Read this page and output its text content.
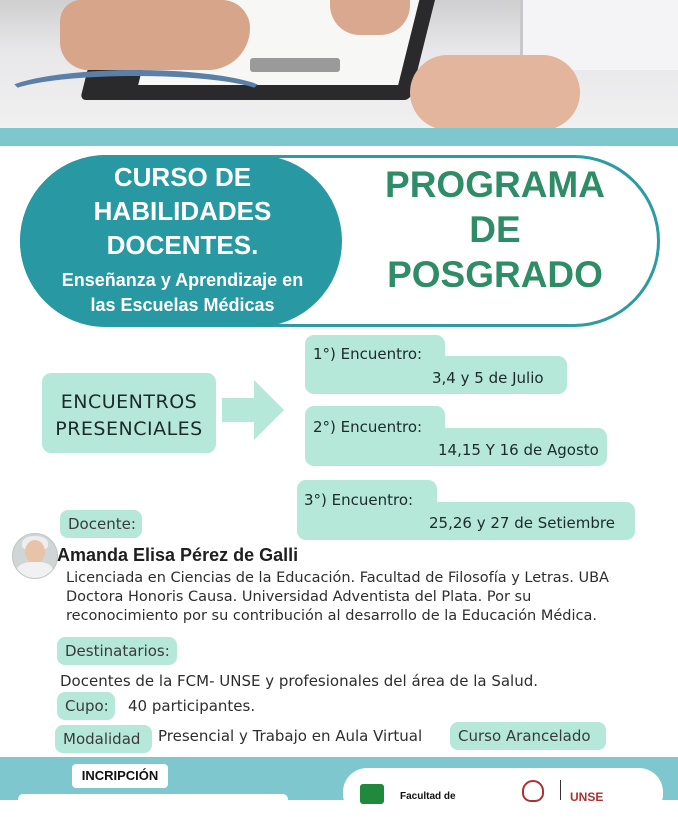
CURSO DE
HABILIDADES
DOCENTES.
Enseñanza y Aprendizaje en
las Escuelas Médicas
PROGRAMA
DE
POSGRADO
ENCUENTROS
PRESENCIALES
1°) Encuentro:
3,4 y 5 de Julio
2°) Encuentro:
14,15 Y 16 de Agosto
3°) Encuentro:
25,26 y 27 de Setiembre
Docente:
Amanda Elisa Pérez de Galli
Licenciada en Ciencias de la Educación. Facultad de Filosofía y Letras. UBA
Doctora Honoris Causa. Universidad Adventista del Plata. Por su
reconocimiento por su contribución al desarrollo de la Educación Médica.
Destinatarios:
Docentes de la FCM- UNSE y profesionales del área de la Salud.
Cupo:	40 participantes.
Modalidad	Presencial y Trabajo en Aula Virtual	Curso Arancelado
INCRIPCIÓN
Facultad de	UNSE
